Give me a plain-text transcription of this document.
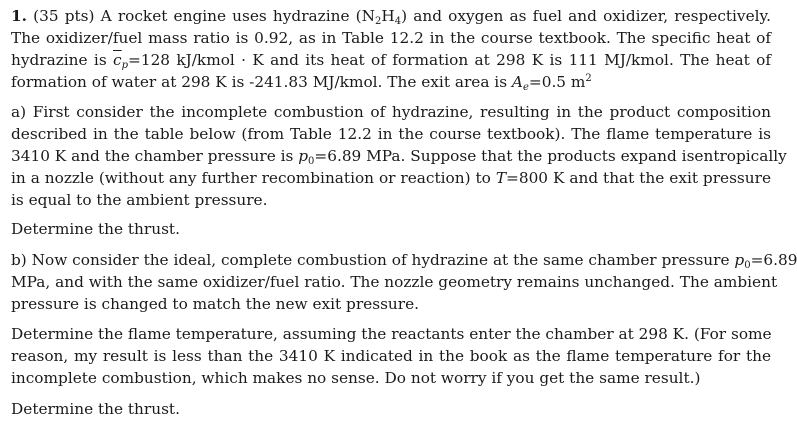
1. (35 pts) A rocket engine uses hydrazine $(N_2H_4)$ and oxygen as fuel and oxidizer, respectively.
The oxidizer/fuel mass ratio is 0.92, as in Table 12.2 in the course textbook. The specific heat of
hydrazine is $\overline{c}_p=128$ kJ/kmol · K and its heat of formation at 298 K is 111 MJ/kmol. The heat of
formation of water at 298 K is -241.83 MJ/kmol. The exit area is $A_e=0.5$ $m^2$
a) First consider the incomplete combustion of hydrazine, resulting in the product composition
described in the table below (from Table 12.2 in the course textbook). The flame temperature is
3410 K and the chamber pressure is $p_0=6.89$ MPa. Suppose that the products expand isentropically
in a nozzle (without any further recombination or reaction) to T=800 K and that the exit pressure
is equal to the ambient pressure.
Determine the thrust.
b) Now consider the ideal, complete combustion of hydrazine at the same chamber pressure $p_0=6.89$
MPa, and with the same oxidizer/fuel ratio. The nozzle geometry remains unchanged. The ambient
pressure is changed to match the new exit pressure.
Determine the flame temperature, assuming the reactants enter the chamber at 298 K. (For some
reason, my result is less than the 3410 K indicated in the book as the flame temperature for the
incomplete combustion, which makes no sense. Do not worry if you get the same result.)
Determine the thrust.
